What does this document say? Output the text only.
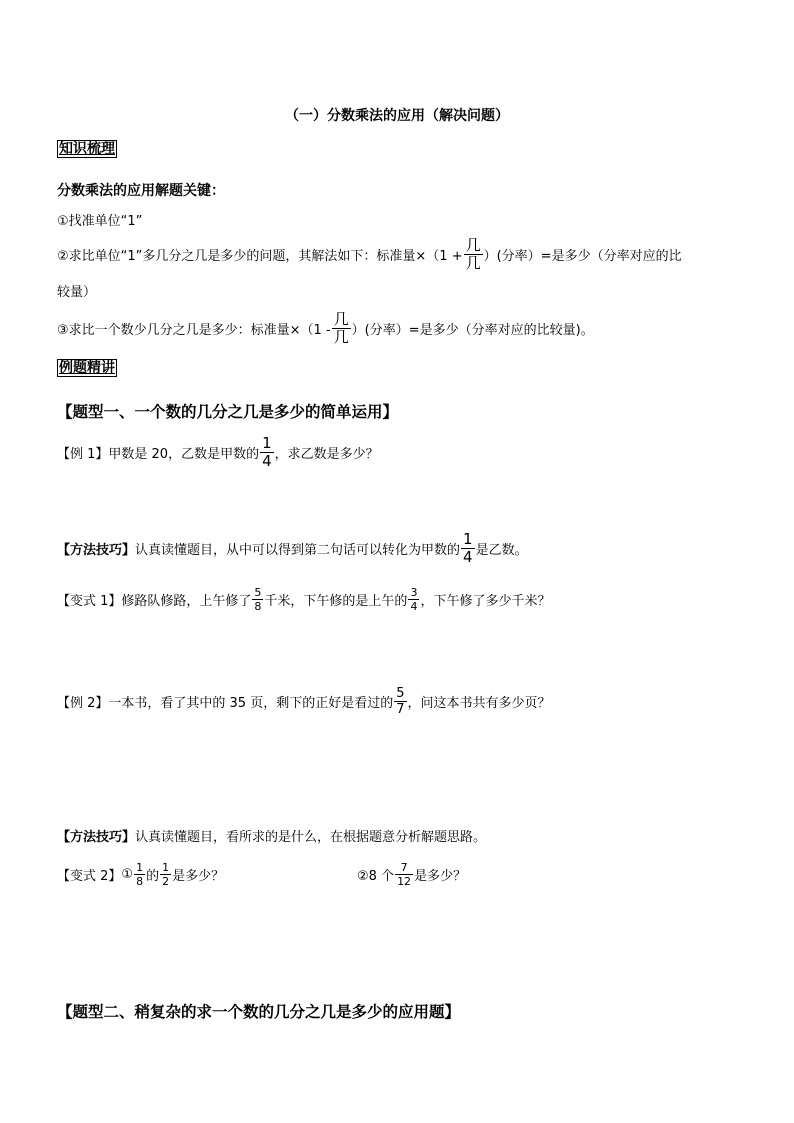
（一）分数乘法的应用（解决问题）
知识梳理
分数乘法的应用解题关键：
①找准单位“1”
②求比单位“1”多几分之几是多少的问题，其解法如下：标准量$\times(1 + \frac{\text{几}}{\text{几}}$ ）(分率）=是多少（分率对应的比
较量）
③求比一个数少几分之几是多少：标准量$\times(1 - \frac{\text{几}}{\text{几}}$ ）(分率）=是多少（分率对应的比较量)。
例题精讲
【题型一、一个数的几分之几是多少的简单运用】
【例 1】 甲数是 20，乙数是甲数的 $\frac{1}{4}$ ，求乙数是多少？
【方法技巧】 认真读懂题目，从中可以得到第二句话可以转化为甲数的 $\frac{1}{4}$ 是乙数。
【变式 1】 修路队修路，上午修了 $\frac{5}{8}$ 千米，下午修的是上午的 $\frac{3}{4}$ ，下午修了多少千米？
【例 2】 一本书，看了其中的 35 页，剩下的正好是看过的 $\frac{5}{7}$ ，问这本书共有多少页？
【方法技巧】认真读懂题目，看所求的是什么，在根据题意分析解题思路。
【变式 2】 ① $\frac{1}{8}$ 的 $\frac{1}{2}$ 是多少？	②8 个 $\frac{7}{12}$ 是多少？
【题型二、稍复杂的求一个数的几分之几是多少的应用题】
